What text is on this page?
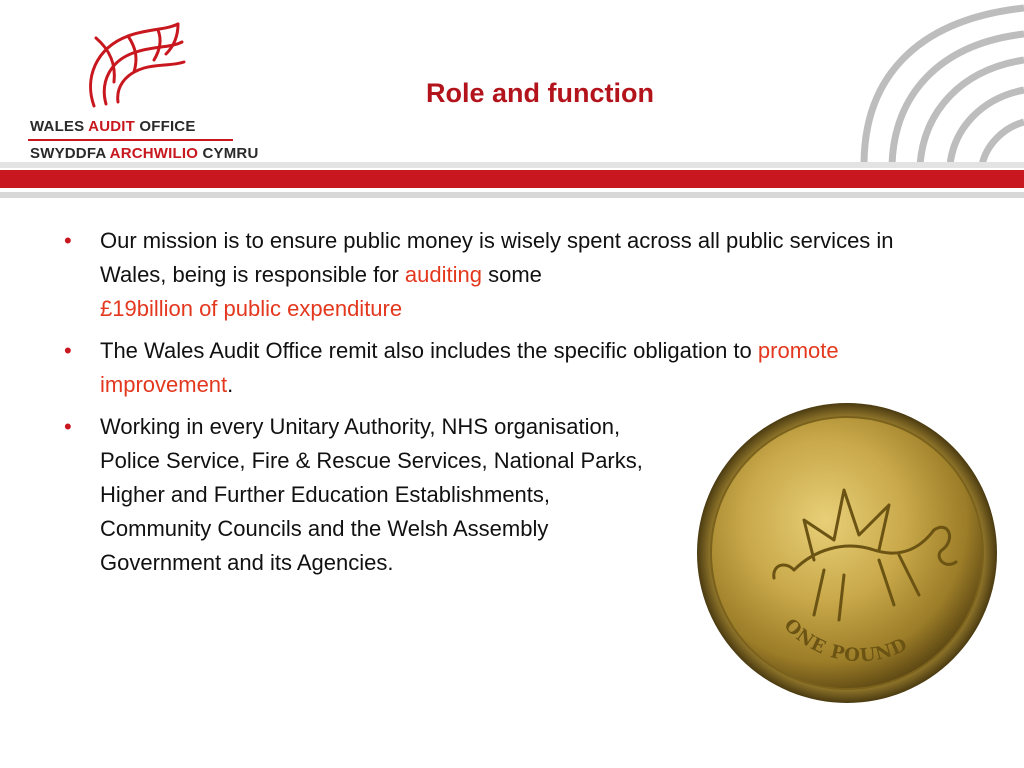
WALES AUDIT OFFICE
SWYDDFA ARCHWILIO CYMRU
Role and function
• Our mission is to ensure public money is wisely spent across all public services in Wales, being is responsible for auditing some
£19billion of public expenditure
• The Wales Audit Office remit also includes the specific obligation to promote improvement.
• Working in every Unitary Authority, NHS organisation, Police Service, Fire & Rescue Services, National Parks, Higher and Further Education Establishments, Community Councils and the Welsh Assembly Government and its Agencies.
ONE POUND
